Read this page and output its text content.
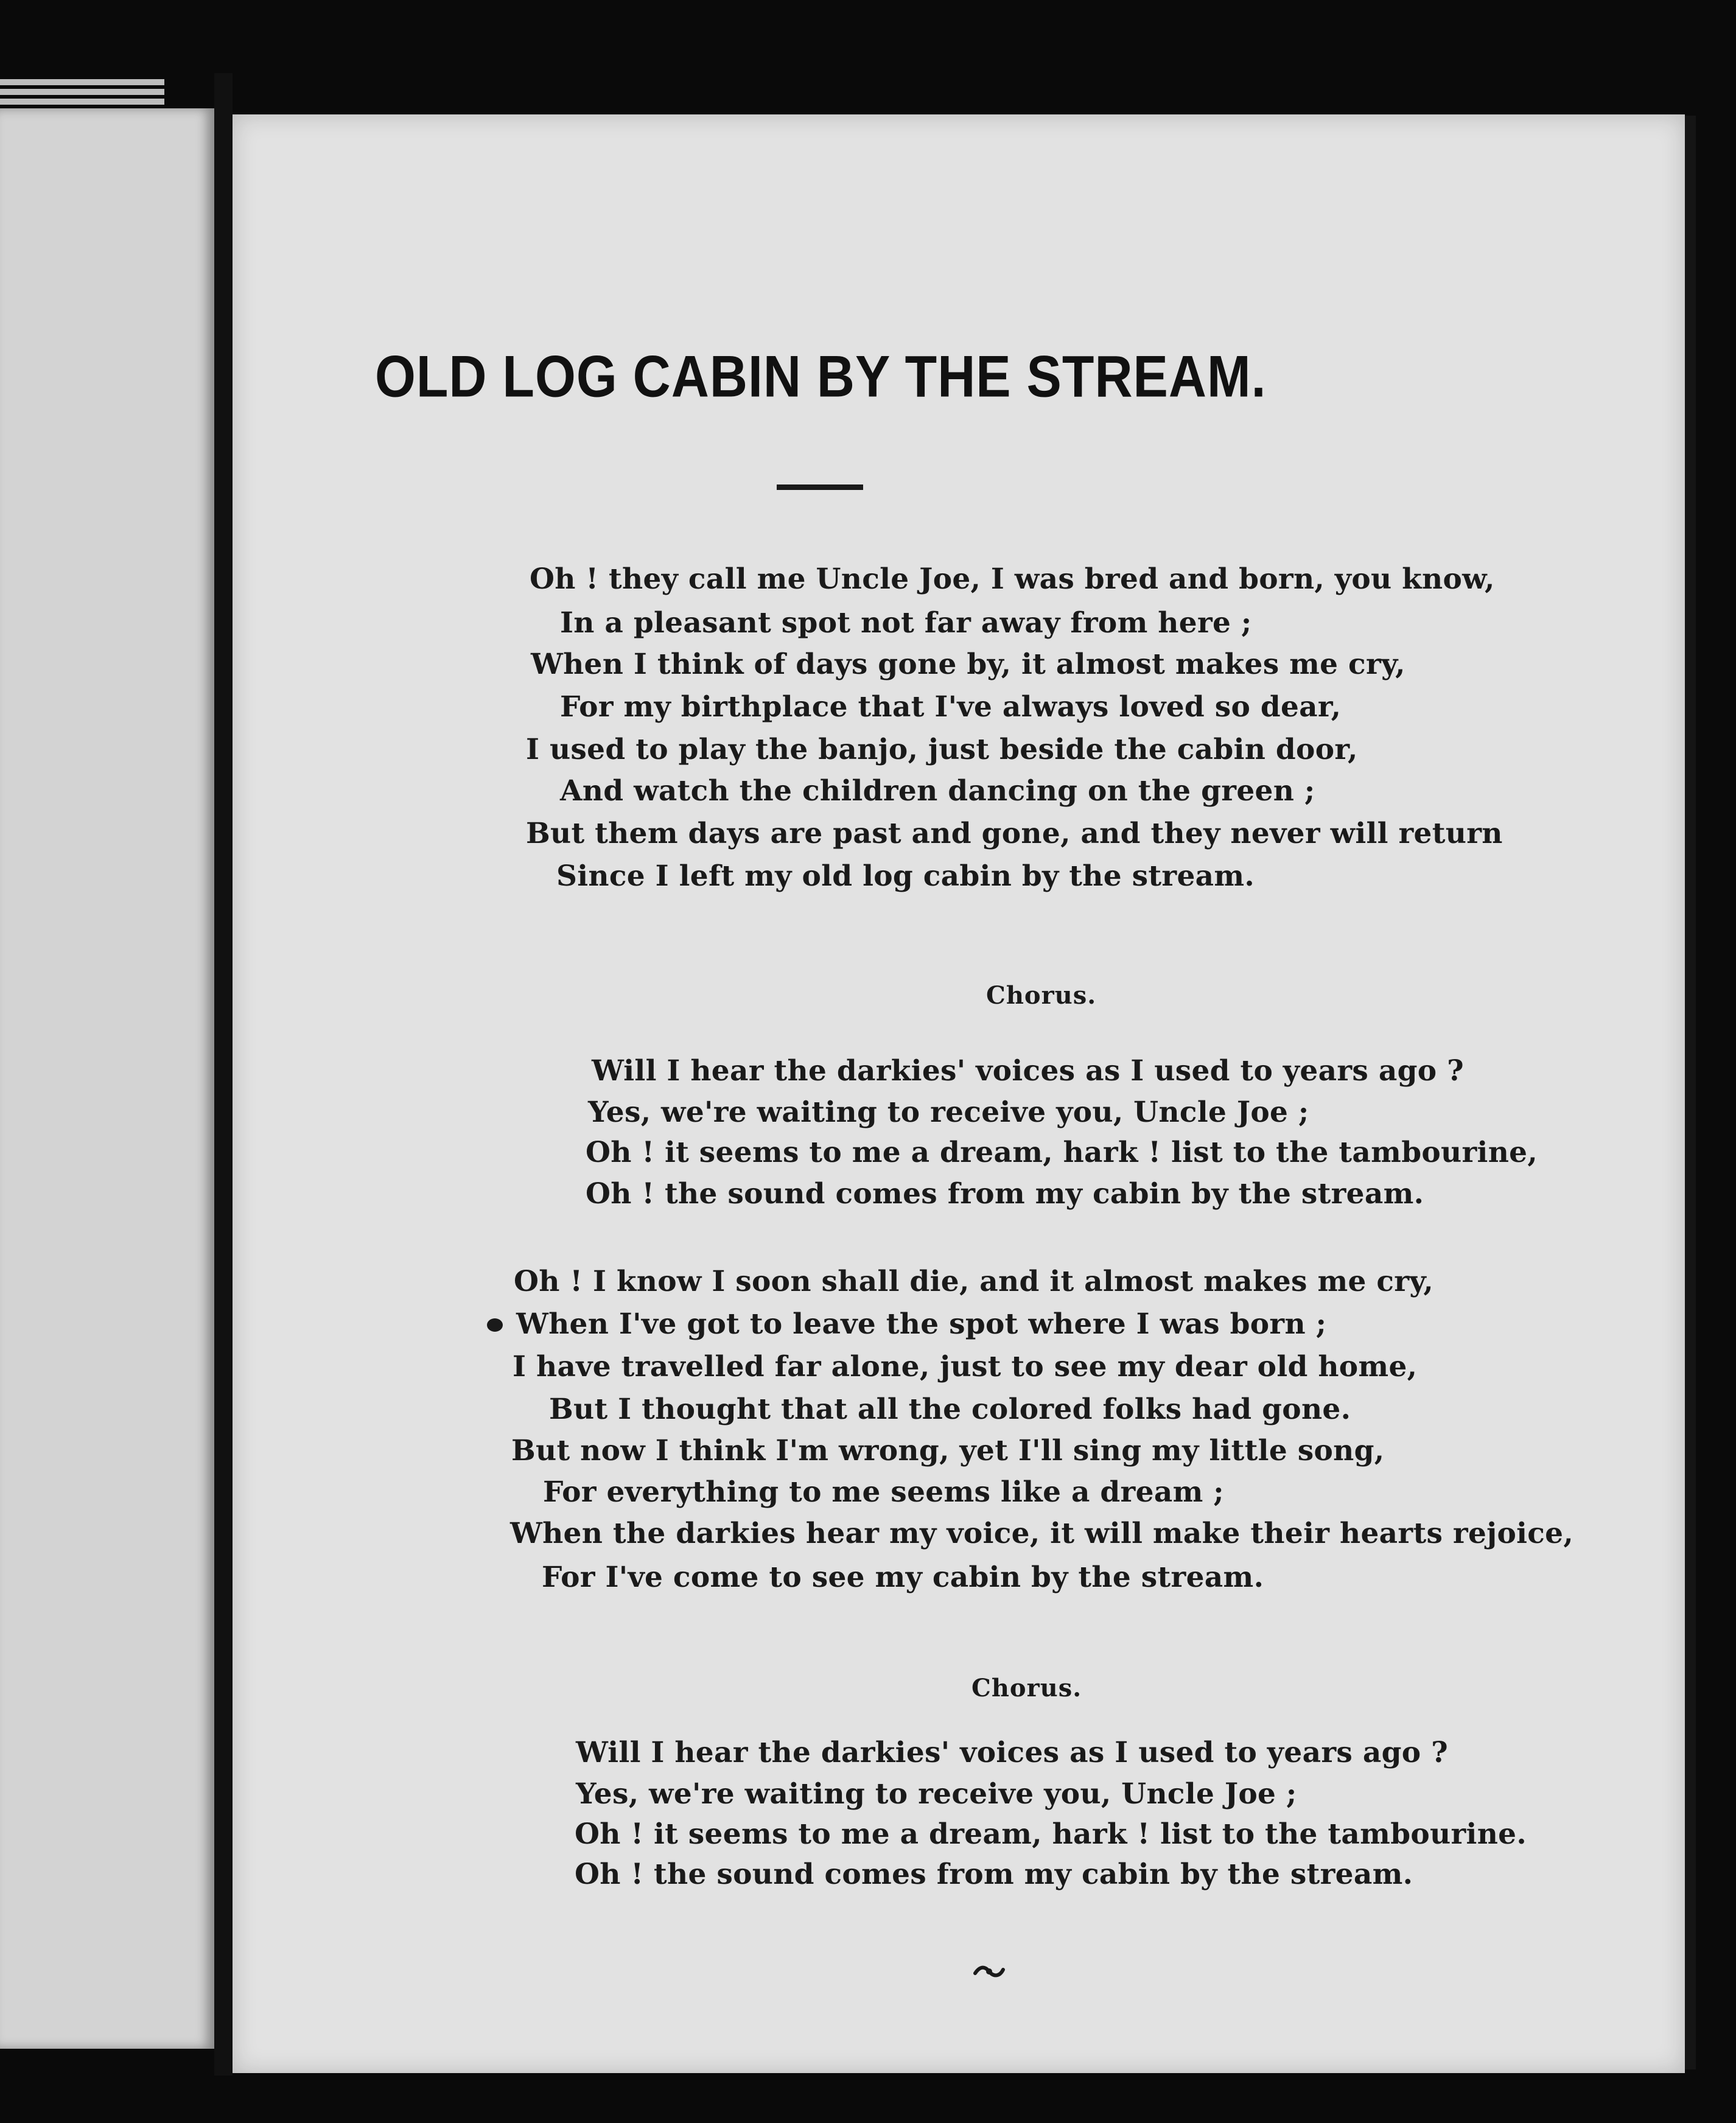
OLD LOG CABIN BY THE STREAM.
Oh ! they call me Uncle Joe, I was bred and born, you know,
In a pleasant spot not far away from here ;
When I think of days gone by, it almost makes me cry,
For my birthplace that I've always loved so dear,
I used to play the banjo, just beside the cabin door,
And watch the children dancing on the green ;
But them days are past and gone, and they never will return
Since I left my old log cabin by the stream.
Chorus.
Will I hear the darkies' voices as I used to years ago ?
Yes, we're waiting to receive you, Uncle Joe ;
Oh ! it seems to me a dream, hark ! list to the tambourine,
Oh ! the sound comes from my cabin by the stream.
Oh ! I know I soon shall die, and it almost makes me cry,
When I've got to leave the spot where I was born ;
I have travelled far alone, just to see my dear old home,
But I thought that all the colored folks had gone.
But now I think I'm wrong, yet I'll sing my little song,
For everything to me seems like a dream ;
When the darkies hear my voice, it will make their hearts rejoice,
For I've come to see my cabin by the stream.
Chorus.
Will I hear the darkies' voices as I used to years ago ?
Yes, we're waiting to receive you, Uncle Joe ;
Oh ! it seems to me a dream, hark ! list to the tambourine.
Oh ! the sound comes from my cabin by the stream.
